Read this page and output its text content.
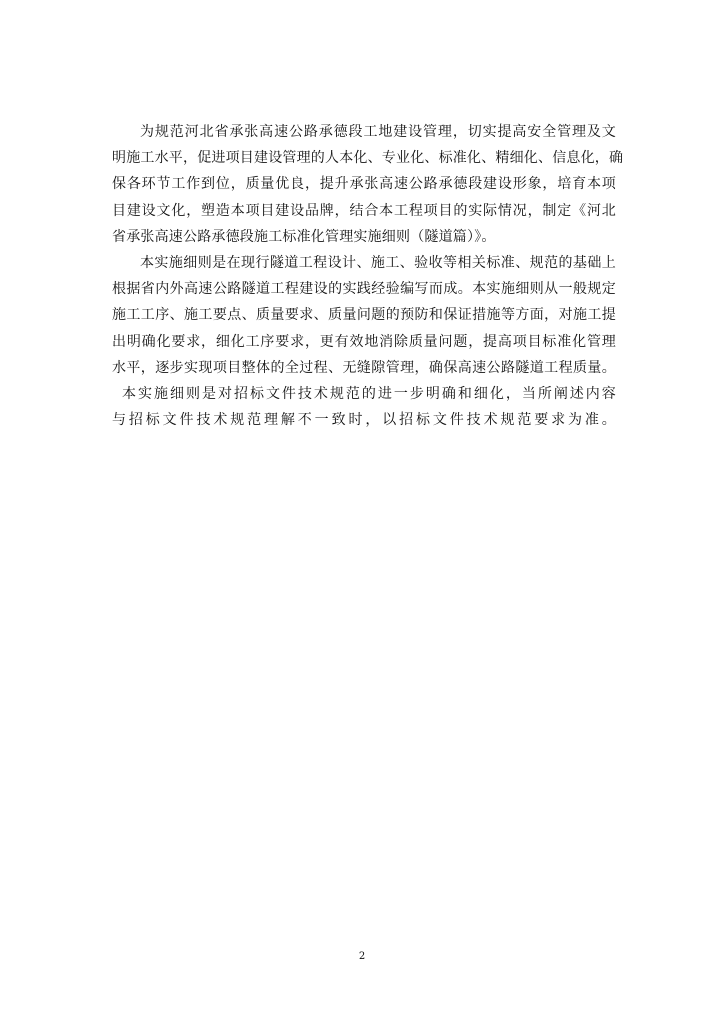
为规范河北省承张高速公路承德段工地建设管理，切实提高安全管理及文
明施工水平，促进项目建设管理的人本化、专业化、标准化、精细化、信息化，确
保各环节工作到位，质量优良，提升承张高速公路承德段建设形象，培育本项
目建设文化，塑造本项目建设品牌，结合本工程项目的实际情况，制定《河北
省承张高速公路承德段施工标准化管理实施细则（隧道篇）》。

本实施细则是在现行隧道工程设计、施工、验收等相关标准、规范的基础上
根据省内外高速公路隧道工程建设的实践经验编写而成。本实施细则从一般规定
施工工序、施工要点、质量要求、质量问题的预防和保证措施等方面，对施工提
出明确化要求，细化工序要求，更有效地消除质量问题，提高项目标准化管理
水平，逐步实现项目整体的全过程、无缝隙管理，确保高速公路隧道工程质量。

本实施细则是对招标文件技术规范的进一步明确和细化，当所阐述内容
与招标文件技术规范理解不一致时，以招标文件技术规范要求为准。

2
